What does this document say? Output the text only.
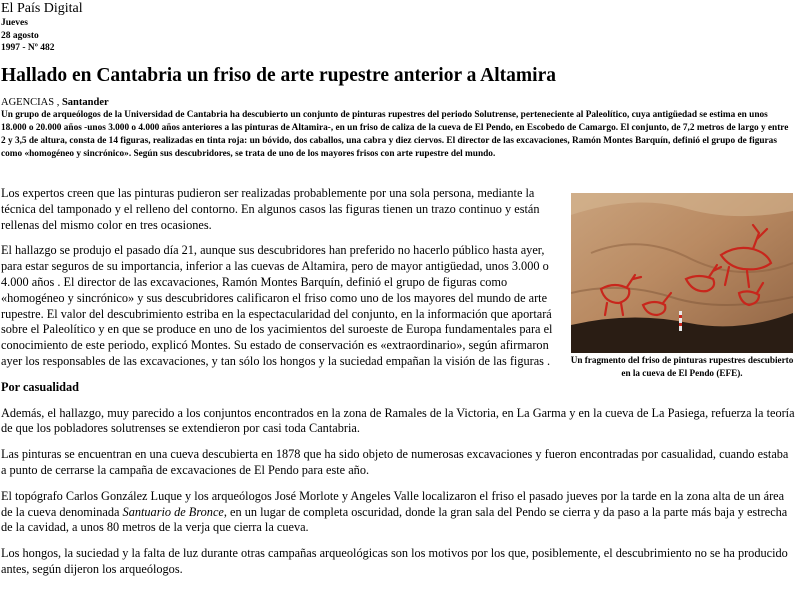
El País Digital
Jueves
28 agosto
1997 - Nº 482
Hallado en Cantabria un friso de arte rupestre anterior a Altamira
AGENCIAS , Santander

Un grupo de arqueólogos de la Universidad de Cantabria ha descubierto un conjunto de pinturas rupestres del periodo Solutrense, perteneciente al Paleolítico, cuya antigüedad se estima en unos 18.000 o 20.000 años -unos 3.000 o 4.000 años anteriores a las pinturas de Altamira-, en un friso de caliza de la cueva de El Pendo, en Escobedo de Camargo. El conjunto, de 7,2 metros de largo y entre 2 y 3,5 de altura, consta de 14 figuras, realizadas en tinta roja: un bóvido, dos caballos, una cabra y diez ciervos. El director de las excavaciones, Ramón Montes Barquín, definió el grupo de figuras como «homogéneo y sincrónico». Según sus descubridores, se trata de uno de los mayores frisos con arte rupestre del mundo.

Un fragmento del friso de pinturas rupestres descubierto en la cueva de El Pendo (EFE).

Los expertos creen que las pinturas pudieron ser realizadas probablemente por una sola persona, mediante la técnica del tamponado y el relleno del contorno. En algunos casos las figuras tienen un trazo continuo y están rellenas del mismo color en tres ocasiones.

El hallazgo se produjo el pasado día 21, aunque sus descubridores han preferido no hacerlo público hasta ayer, para estar seguros de su importancia, inferior a las cuevas de Altamira, pero de mayor antigüedad, unos 3.000 o 4.000 años . El director de las excavaciones, Ramón Montes Barquín, definió el grupo de figuras como «homogéneo y sincrónico» y sus descubridores calificaron el friso como uno de los mayores del mundo de arte rupestre. El valor del descubrimiento estriba en la espectacularidad del conjunto, en la información que aportará sobre el Paleolítico y en que se produce en uno de los yacimientos del suroeste de Europa fundamentales para el conocimiento de este periodo, explicó Montes. Su estado de conservación es «extraordinario», según afirmaron ayer los responsables de las excavaciones, y tan sólo los hongos y la suciedad empañan la visión de las figuras .

Por casualidad

Además, el hallazgo, muy parecido a los conjuntos encontrados en la zona de Ramales de la Victoria, en La Garma y en la cueva de La Pasiega, refuerza la teoría de que los pobladores solutrenses se extendieron por casi toda Cantabria.

Las pinturas se encuentran en una cueva descubierta en 1878 que ha sido objeto de numerosas excavaciones y fueron encontradas por casualidad, cuando estaba a punto de cerrarse la campaña de excavaciones de El Pendo para este año.

El topógrafo Carlos González Luque y los arqueólogos José Morlote y Angeles Valle localizaron el friso el pasado jueves por la tarde en la zona alta de un área de la cueva denominada Santuario de Bronce, en un lugar de completa oscuridad, donde la gran sala del Pendo se cierra y da paso a la parte más baja y estrecha de la cavidad, a unos 80 metros de la verja que cierra la cueva.

Los hongos, la suciedad y la falta de luz durante otras campañas arqueológicas son los motivos por los que, posiblemente, el descubrimiento no se ha producido antes, según dijeron los arqueólogos.
